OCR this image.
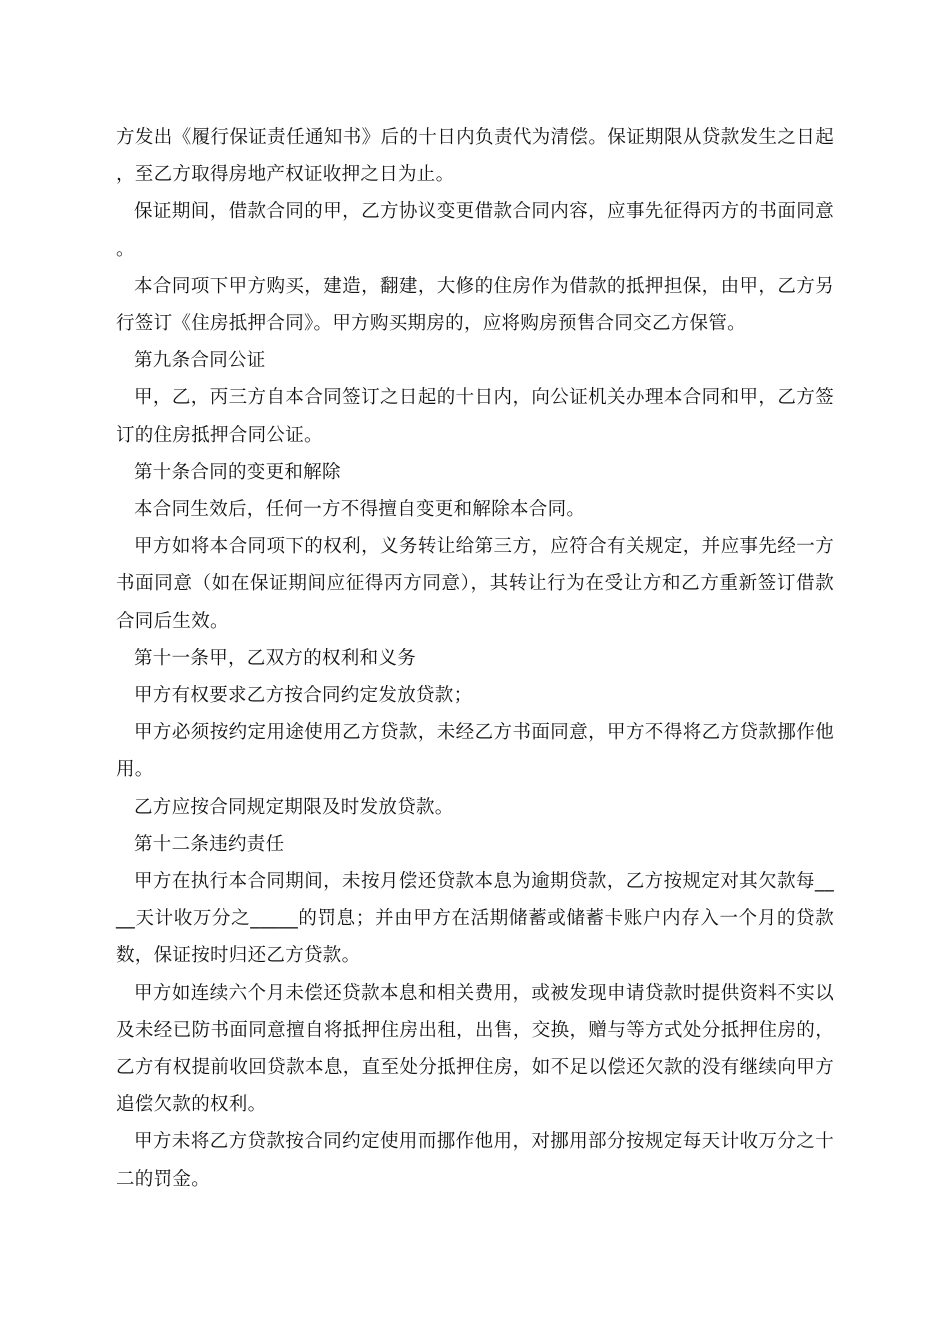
方发出《履行保证责任通知书》后的十日内负责代为清偿。保证期限从贷款发生之日起，至乙方取得房地产权证收押之日为止。

保证期间，借款合同的甲，乙方协议变更借款合同内容，应事先征得丙方的书面同意。

本合同项下甲方购买，建造，翻建，大修的住房作为借款的抵押担保，由甲，乙方另行签订《住房抵押合同》。甲方购买期房的，应将购房预售合同交乙方保管。

第九条合同公证

甲，乙，丙三方自本合同签订之日起的十日内，向公证机关办理本合同和甲，乙方签订的住房抵押合同公证。

第十条合同的变更和解除

本合同生效后，任何一方不得擅自变更和解除本合同。

甲方如将本合同项下的权利，义务转让给第三方，应符合有关规定，并应事先经一方书面同意（如在保证期间应征得丙方同意），其转让行为在受让方和乙方重新签订借款合同后生效。

第十一条甲，乙双方的权利和义务

甲方有权要求乙方按合同约定发放贷款；

甲方必须按约定用途使用乙方贷款，未经乙方书面同意，甲方不得将乙方贷款挪作他用。

乙方应按合同规定期限及时发放贷款。

第十二条违约责任

甲方在执行本合同期间，未按月偿还贷款本息为逾期贷款，乙方按规定对其欠款每____天计收万分之_____的罚息；并由甲方在活期储蓄或储蓄卡账户内存入一个月的贷款数，保证按时归还乙方贷款。

甲方如连续六个月未偿还贷款本息和相关费用，或被发现申请贷款时提供资料不实以及未经已防书面同意擅自将抵押住房出租，出售，交换，赠与等方式处分抵押住房的，乙方有权提前收回贷款本息，直至处分抵押住房，如不足以偿还欠款的没有继续向甲方追偿欠款的权利。

甲方未将乙方贷款按合同约定使用而挪作他用，对挪用部分按规定每天计收万分之十二的罚金。
